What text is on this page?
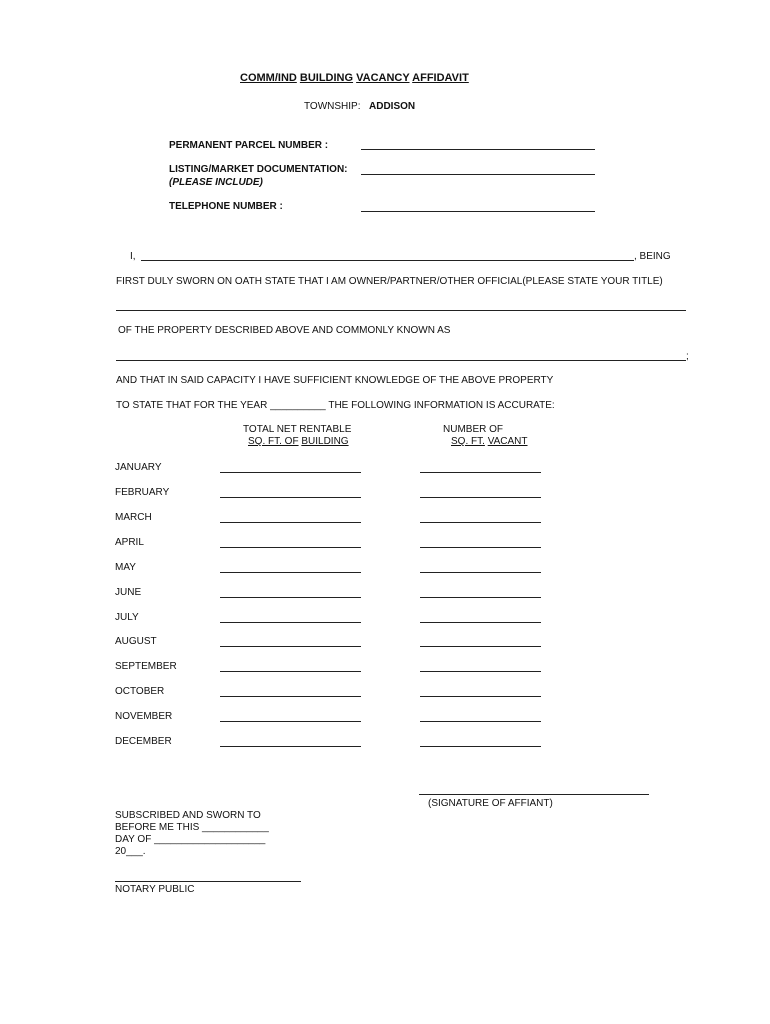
COMM/IND BUILDING VACANCY AFFIDAVIT
TOWNSHIP: ADDISON
PERMANENT PARCEL NUMBER :
LISTING/MARKET DOCUMENTATION:
(PLEASE INCLUDE)
TELEPHONE NUMBER :
I,	, BEING
FIRST DULY SWORN ON OATH STATE THAT I AM OWNER/PARTNER/OTHER OFFICIAL(PLEASE STATE YOUR TITLE)
OF THE PROPERTY DESCRIBED ABOVE AND COMMONLY KNOWN AS
;
AND THAT IN SAID CAPACITY I HAVE SUFFICIENT KNOWLEDGE OF THE ABOVE PROPERTY
TO STATE THAT FOR THE YEAR __________ THE FOLLOWING INFORMATION IS ACCURATE:
TOTAL NET RENTABLE
SQ. FT. OF BUILDING
NUMBER OF
SQ. FT. VACANT
JANUARY
FEBRUARY
MARCH
APRIL
MAY
JUNE
JULY
AUGUST
SEPTEMBER
OCTOBER
NOVEMBER
DECEMBER
(SIGNATURE OF AFFIANT)
SUBSCRIBED AND SWORN TO
BEFORE ME THIS ____________
DAY OF ____________________
20___.
NOTARY PUBLIC
